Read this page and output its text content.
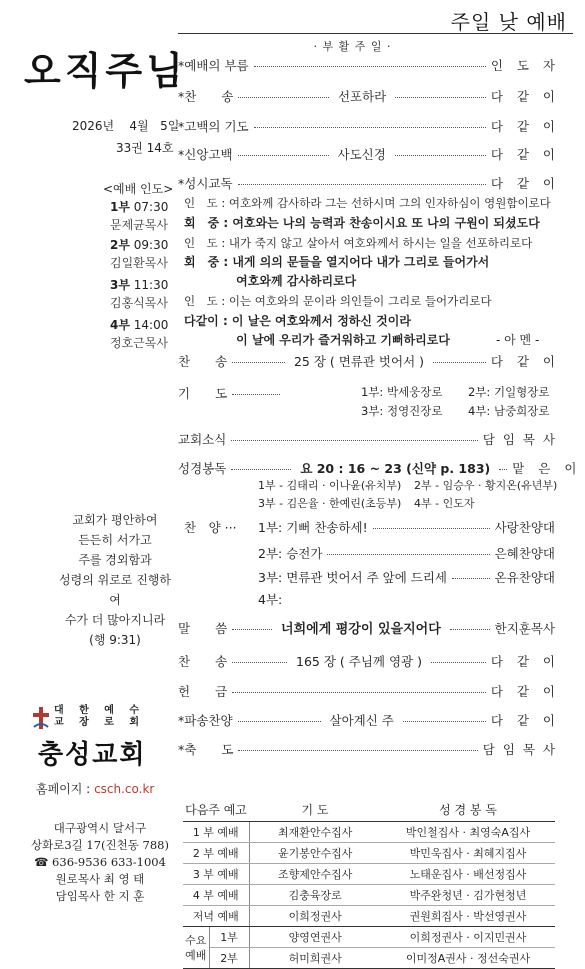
주일 낮 예배
· 부 활 주 일 ·
오직주님
2026년 4월 5일
33권 14호
<예배 인도>
1부 07:30
문제균목사
2부 09:30
김일환목사
3부 11:30
김홍식목사
4부 14:00
정호근목사
*예배의 부름	인 도 자
*찬　　송	선포하라	다 같 이
*고백의 기도	다 같 이
*신앙고백	사도신경	다 같 이
*성시교독	다 같 이
인　도 : 여호와께 감사하라 그는 선하시며 그의 인자하심이 영원함이로다
회　중 : 여호와는 나의 능력과 찬송이시요 또 나의 구원이 되셨도다
인　도 : 내가 죽지 않고 살아서 여호와께서 하시는 일을 선포하리로다
회　중 : 내게 의의 문들을 열지어다 내가 그리로 들어가서
　　　　 여호와께 감사하리로다
인　도 : 이는 여호와의 문이라 의인들이 그리로 들어가리로다
다같이 : 이 날은 여호와께서 정하신 것이라
　　　　 이 날에 우리가 즐거워하고 기뻐하리로다	- 아 멘 -
찬　　송	25 장 ( 면류관 벗어서 )	다 같 이
기　　도	1부: 박세웅장로 2부: 기일형장로
3부: 정영진장로 4부: 남중희장로
교회소식	담 임 목 사
성경봉독	요 20 : 16 ~ 23 (신약 p. 183)	맡 은 이
1부 - 김태리 · 이나윤(유치부) 2부 - 임승우 · 황지온(유년부)
3부 - 김은율 · 한예린(초등부) 4부 - 인도자
교회가 평안하여
든든히 서가고
주를 경외함과
성령의 위로로 진행하여
수가 더 많아지니라
(행 9:31)
찬　양 ··· 1부: 기뻐 찬송하세!	사랑찬양대
2부: 승전가	은혜찬양대
3부: 면류관 벗어서 주 앞에 드리세	온유찬양대
4부:
말　　씀	너희에게 평강이 있을지어다	한지훈목사
찬　　송	165 장 ( 주님께 영광 )	다 같 이
헌　　금	다 같 이
*파송찬양	살아계신 주	다 같 이
*축　　도	담 임 목 사
대 한 예 수 교 장 로 회
충성교회
홈페이지 : csch.co.kr
대구광역시 달서구
상화로3길 17(진천동 788)
☎ 636-9536 633-1004
원로목사 최 영 태
담임목사 한 지 훈
다음주 예고		기 도	성 경 봉 독
1 부 예배		최재환안수집사	박인철집사 · 최영숙A집사
2 부 예배		윤기봉안수집사	박민욱집사 · 최혜지집사
3 부 예배		조향제안수집사	노태운집사 · 배선정집사
4 부 예배		김충육장로	박주완청년 · 김가현청년
저녁 예배		이희정권사	권원희집사 · 박선영권사

수요
예배	1부	양영연권사	이희정권사 · 이지민권사
	2부	허미희권사	이미정A권사 · 정선숙권사
